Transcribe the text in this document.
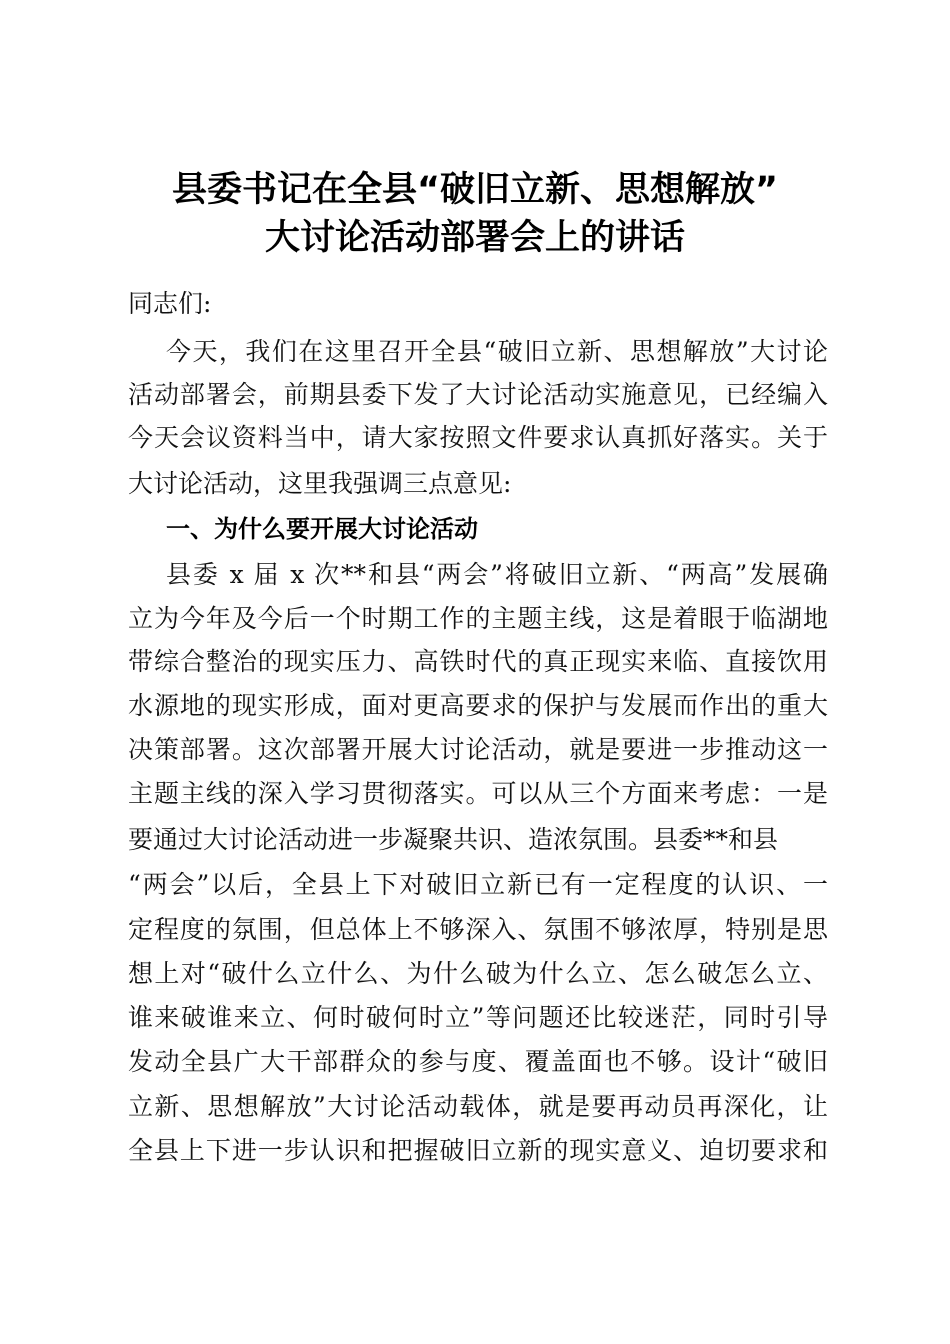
县委书记在全县“破旧立新、思想解放”
大讨论活动部署会上的讲话
同志们:
今天，我们在这里召开全县“破旧立新、思想解放”大讨论
活动部署会，前期县委下发了大讨论活动实施意见，已经编入
今天会议资料当中，请大家按照文件要求认真抓好落实。关于
大讨论活动，这里我强调三点意见:
一、为什么要开展大讨论活动
县委 x 届 x 次**和县“两会”将破旧立新、“两高”发展确
立为今年及今后一个时期工作的主题主线，这是着眼于临湖地
带综合整治的现实压力、高铁时代的真正现实来临、直接饮用
水源地的现实形成，面对更高要求的保护与发展而作出的重大
决策部署。这次部署开展大讨论活动，就是要进一步推动这一
主题主线的深入学习贯彻落实。可以从三个方面来考虑：一是
要通过大讨论活动进一步凝聚共识、造浓氛围。县委**和县
“两会”以后，全县上下对破旧立新已有一定程度的认识、一
定程度的氛围，但总体上不够深入、氛围不够浓厚，特别是思
想上对“破什么立什么、为什么破为什么立、怎么破怎么立、
谁来破谁来立、何时破何时立”等问题还比较迷茫，同时引导
发动全县广大干部群众的参与度、覆盖面也不够。设计“破旧
立新、思想解放”大讨论活动载体，就是要再动员再深化，让
全县上下进一步认识和把握破旧立新的现实意义、迫切要求和
